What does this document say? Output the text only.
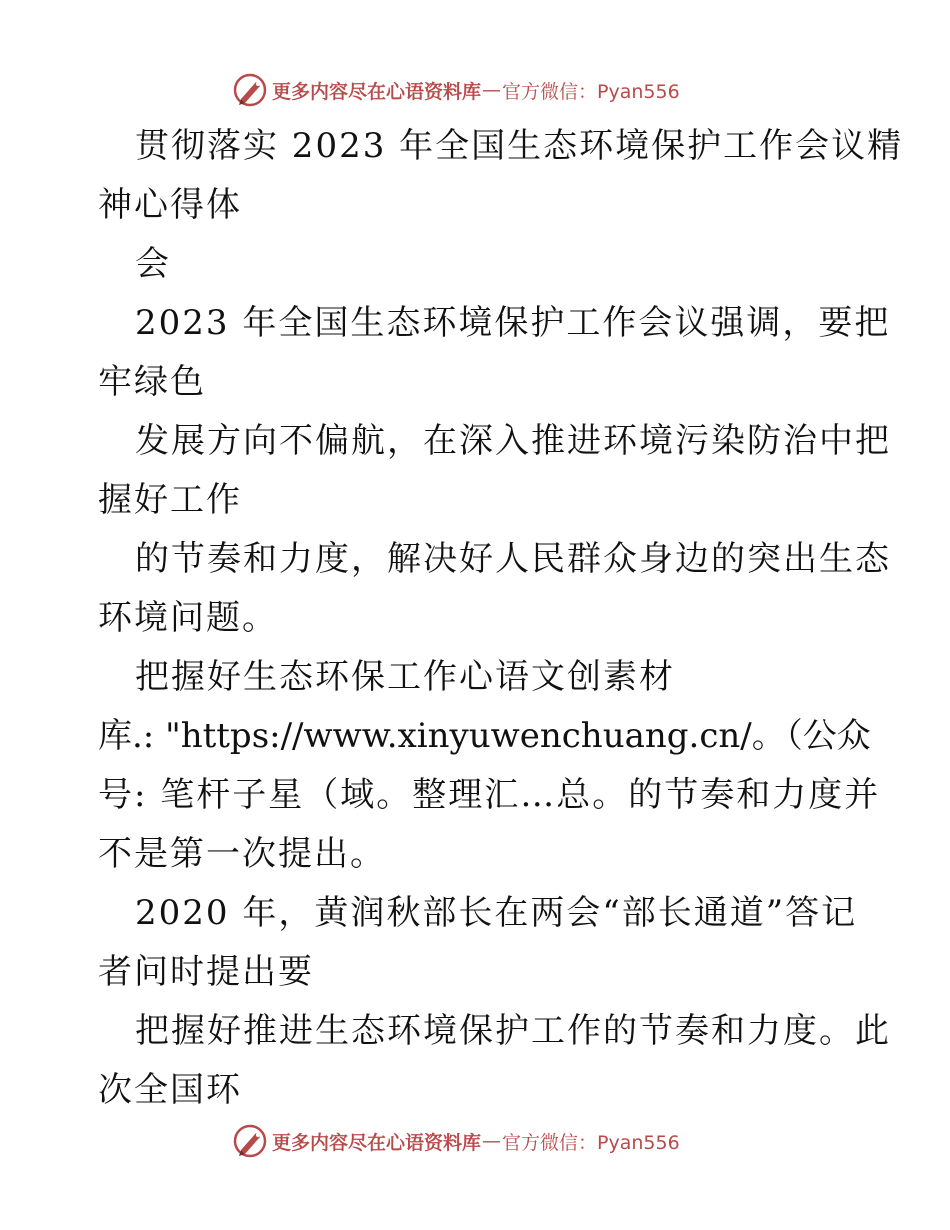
更多内容尽在心语资料库 — 官方微信：Pyan556
贯彻落实 2023 年全国生态环境保护工作会议精
神心得体
会
2023 年全国生态环境保护工作会议强调，要把
牢绿色
发展方向不偏航，在深入推进环境污染防治中把
握好工作
的节奏和力度，解决好人民群众身边的突出生态
环境问题。
把握好生态环保工作心语文创素材
库.: "https://www.xinyuwenchuang.cn/。（公众
号: 笔杆子星（域。整理汇…总。的节奏和力度并
不是第一次提出。
2020 年，黄润秋部长在两会“部长通道”答记
者问时提出要
把握好推进生态环境保护工作的节奏和力度。此
次全国环
更多内容尽在心语资料库 — 官方微信：Pyan556
